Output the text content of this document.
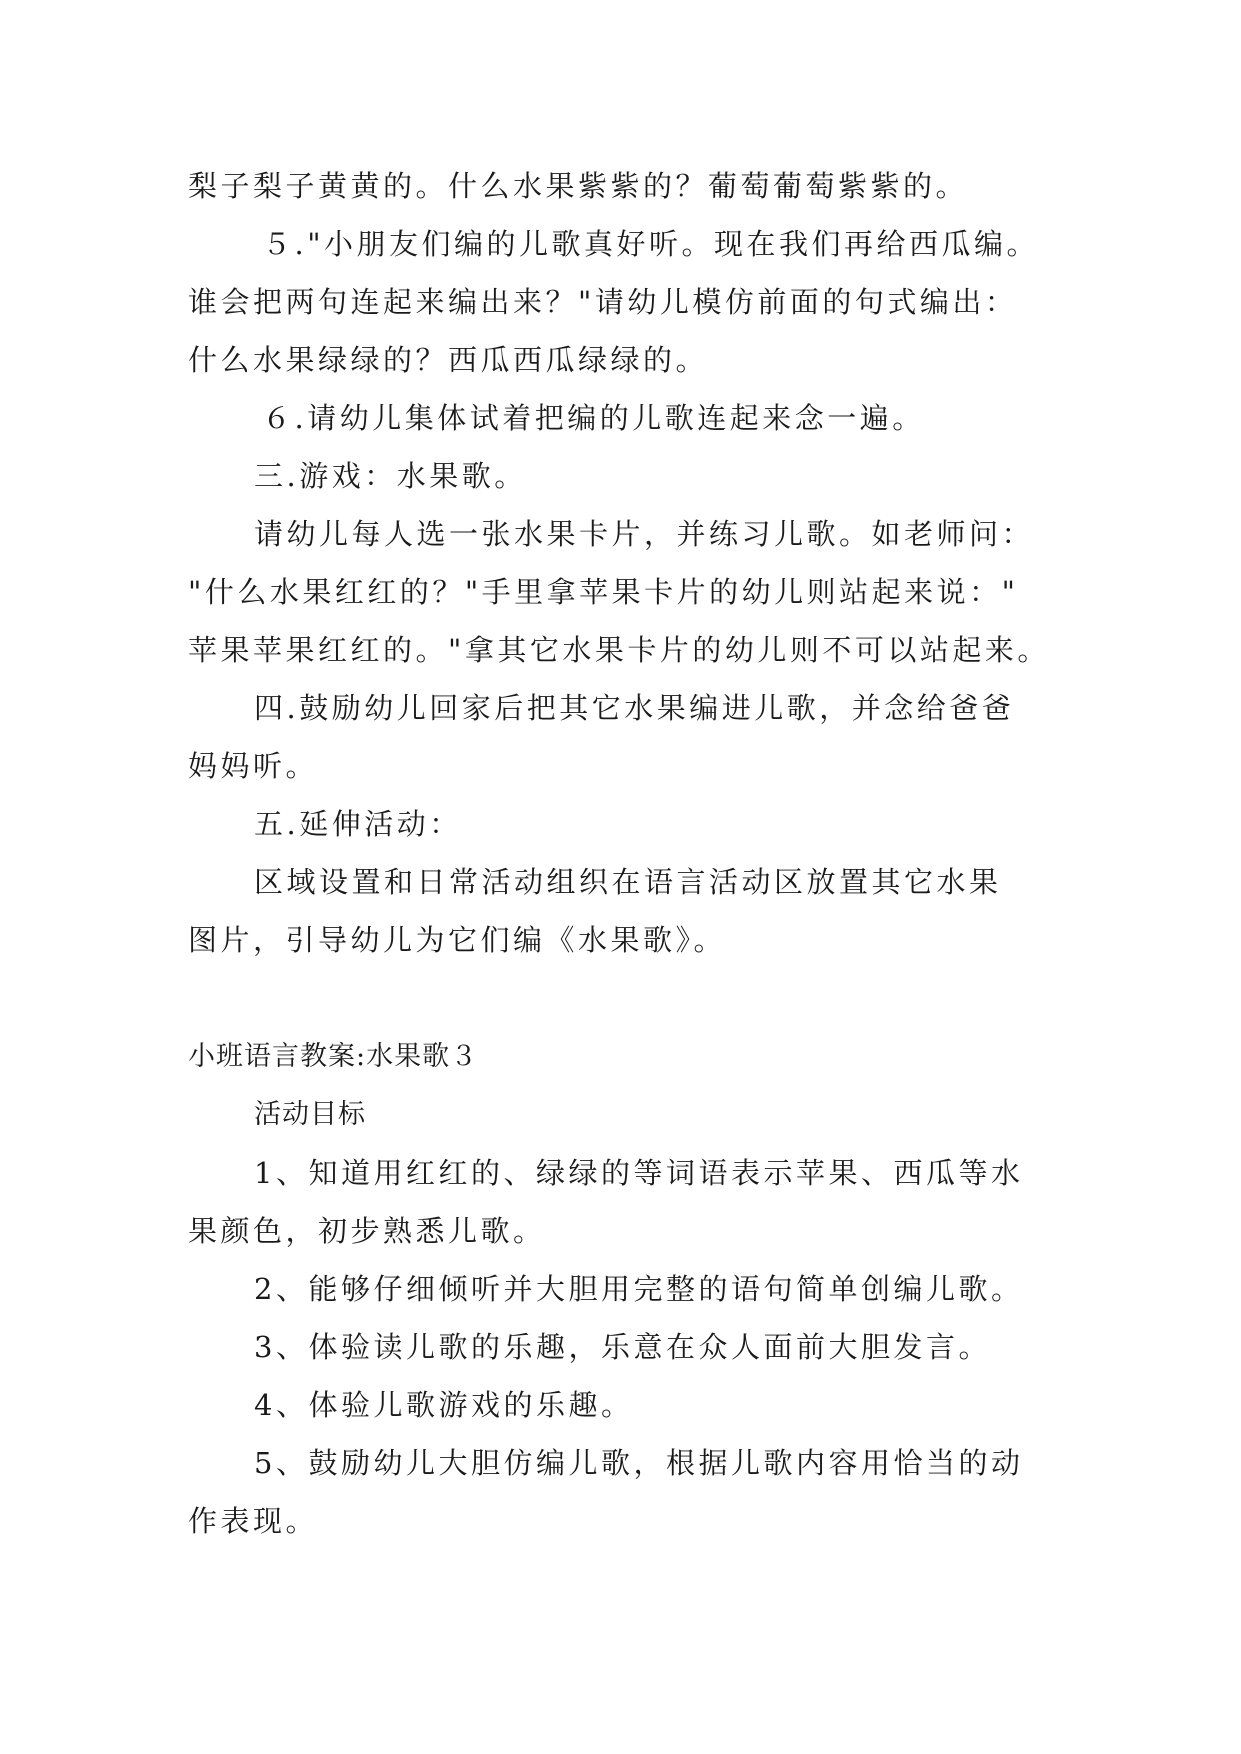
梨子梨子黄黄的。什么水果紫紫的？葡萄葡萄紫紫的。
５."小朋友们编的儿歌真好听。现在我们再给西瓜编。
谁会把两句连起来编出来？"请幼儿模仿前面的句式编出：
什么水果绿绿的？西瓜西瓜绿绿的。
６.请幼儿集体试着把编的儿歌连起来念一遍。
三.游戏：水果歌。
请幼儿每人选一张水果卡片，并练习儿歌。如老师问：
"什么水果红红的？"手里拿苹果卡片的幼儿则站起来说："
苹果苹果红红的。"拿其它水果卡片的幼儿则不可以站起来。
四.鼓励幼儿回家后把其它水果编进儿歌，并念给爸爸
妈妈听。
五.延伸活动：
区域设置和日常活动组织在语言活动区放置其它水果
图片，引导幼儿为它们编《水果歌》。
小班语言教案:水果歌３
活动目标
1、知道用红红的、绿绿的等词语表示苹果、西瓜等水
果颜色，初步熟悉儿歌。
2、能够仔细倾听并大胆用完整的语句简单创编儿歌。
3、体验读儿歌的乐趣，乐意在众人面前大胆发言。
4、体验儿歌游戏的乐趣。
5、鼓励幼儿大胆仿编儿歌，根据儿歌内容用恰当的动
作表现。
